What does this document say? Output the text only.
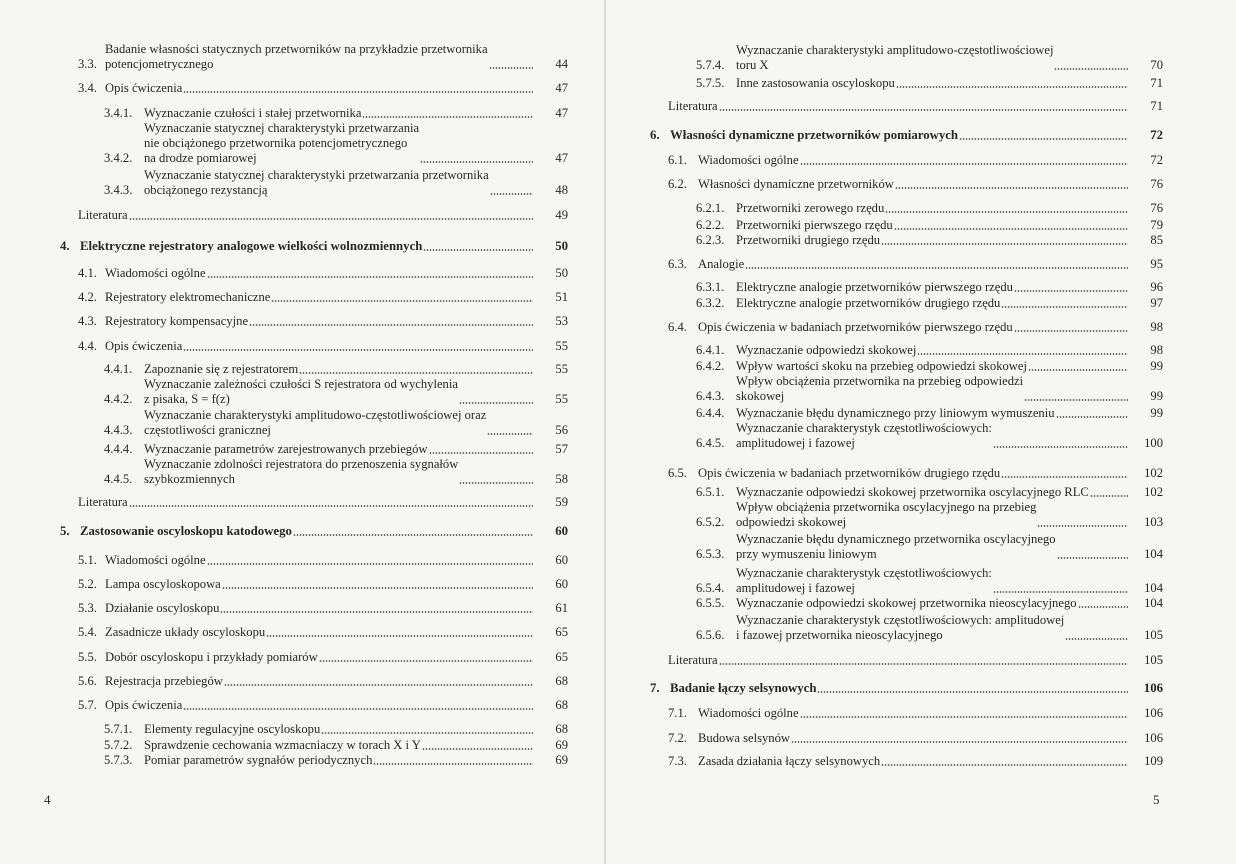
4
3.3.
Badanie własności statycznych przetworników na przykładzie przetwornika
potencjometrycznego	44
3.4. Opis ćwiczenia	47
3.4.1. Wyznaczanie czułości i stałej przetwornika	47
3.4.2.
Wyznaczanie statycznej charakterystyki przetwarzania
nie obciążonego przetwornika potencjometrycznego
na drodze pomiarowej	47
3.4.3.
Wyznaczanie statycznej charakterystyki przetwarzania przetwornika
obciążonego rezystancją	48
Literatura	49
4. Elektryczne rejestratory analogowe wielkości wolnozmiennych	50
4.1. Wiadomości ogólne	50
4.2. Rejestratory elektromechaniczne	51
4.3. Rejestratory kompensacyjne	53
4.4. Opis ćwiczenia	55
4.4.1. Zapoznanie się z rejestratorem	55
4.4.2.
Wyznaczanie zależności czułości S rejestratora od wychylenia
z pisaka, S = f(z)	55
4.4.3.
Wyznaczanie charakterystyki amplitudowo-częstotliwościowej oraz
częstotliwości granicznej	56
4.4.4. Wyznaczanie parametrów zarejestrowanych przebiegów	57
4.4.5.
Wyznaczanie zdolności rejestratora do przenoszenia sygnałów
szybkozmiennych	58
Literatura	59
5. Zastosowanie oscyloskopu katodowego	60
5.1. Wiadomości ogólne	60
5.2. Lampa oscyloskopowa	60
5.3. Działanie oscyloskopu	61
5.4. Zasadnicze układy oscyloskopu	65
5.5. Dobór oscyloskopu i przykłady pomiarów	65
5.6. Rejestracja przebiegów	68
5.7. Opis ćwiczenia	68
5.7.1. Elementy regulacyjne oscyloskopu	68
5.7.2. Sprawdzenie cechowania wzmacniaczy w torach X i Y	69
5.7.3. Pomiar parametrów sygnałów periodycznych	69
5
5.7.4.
Wyznaczanie charakterystyki amplitudowo-częstotliwościowej
toru X	70
5.7.5. Inne zastosowania oscyloskopu	71
Literatura	71
6. Własności dynamiczne przetworników pomiarowych	72
6.1. Wiadomości ogólne	72
6.2. Własności dynamiczne przetworników	76
6.2.1. Przetworniki zerowego rzędu	76
6.2.2. Przetworniki pierwszego rzędu	79
6.2.3. Przetworniki drugiego rzędu	85
6.3. Analogie	95
6.3.1. Elektryczne analogie przetworników pierwszego rzędu	96
6.3.2. Elektryczne analogie przetworników drugiego rzędu	97
6.4. Opis ćwiczenia w badaniach przetworników pierwszego rzędu	98
6.4.1. Wyznaczanie odpowiedzi skokowej	98
6.4.2. Wpływ wartości skoku na przebieg odpowiedzi skokowej	99
6.4.3.
Wpływ obciążenia przetwornika na przebieg odpowiedzi
skokowej	99
6.4.4. Wyznaczanie błędu dynamicznego przy liniowym wymuszeniu	99
6.4.5.
Wyznaczanie charakterystyk częstotliwościowych:
amplitudowej i fazowej	100
6.5. Opis ćwiczenia w badaniach przetworników drugiego rzędu	102
6.5.1. Wyznaczanie odpowiedzi skokowej przetwornika oscylacyjnego RLC	102
6.5.2.
Wpływ obciążenia przetwornika oscylacyjnego na przebieg
odpowiedzi skokowej	103
6.5.3.
Wyznaczanie błędu dynamicznego przetwornika oscylacyjnego
przy wymuszeniu liniowym	104
6.5.4.
Wyznaczanie charakterystyk częstotliwościowych:
amplitudowej i fazowej	104
6.5.5. Wyznaczanie odpowiedzi skokowej przetwornika nieoscylacyjnego	104
6.5.6.
Wyznaczanie charakterystyk częstotliwościowych: amplitudowej
i fazowej przetwornika nieoscylacyjnego	105
Literatura	105
7. Badanie łączy selsynowych	106
7.1. Wiadomości ogólne	106
7.2. Budowa selsynów	106
7.3. Zasada działania łączy selsynowych	109
